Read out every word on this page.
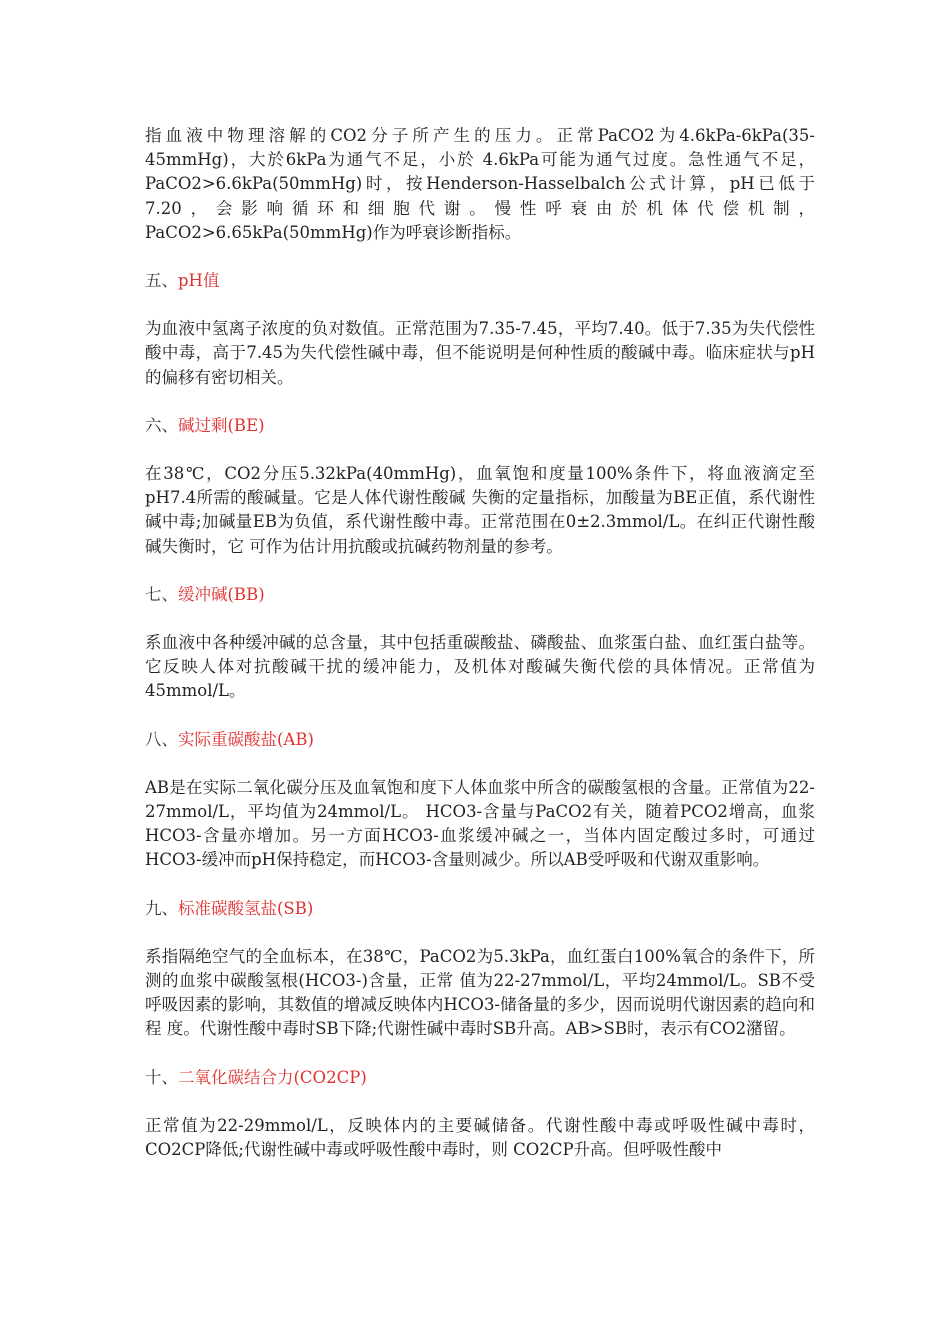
指血液中物理溶解的CO2分子所产生的压力。正常PaCO2为4.6kPa-6kPa(35-45mmHg)，大於6kPa为通气不足，小於 4.6kPa可能为通气过度。急性通气不足，PaCO2>6.6kPa(50mmHg)时，按Henderson-Hasselbalch公式计算，pH已低于7.20，会影响循环和细胞代谢。慢性呼衰由於机体代偿机制，PaCO2>6.65kPa(50mmHg)作为呼衰诊断指标。

五、pH值

为血液中氢离子浓度的负对数值。正常范围为7.35-7.45，平均7.40。低于7.35为失代偿性酸中毒，高于7.45为失代偿性碱中毒，但不能说明是何种性质的酸碱中毒。临床症状与pH的偏移有密切相关。

六、碱过剩(BE)

在38℃，CO2分压5.32kPa(40mmHg)，血氧饱和度量100%条件下，将血液滴定至pH7.4所需的酸碱量。它是人体代谢性酸碱 失衡的定量指标，加酸量为BE正值，系代谢性碱中毒;加碱量EB为负值，系代谢性酸中毒。正常范围在0±2.3mmol/L。在纠正代谢性酸碱失衡时，它 可作为估计用抗酸或抗碱药物剂量的参考。

七、缓冲碱(BB)

系血液中各种缓冲碱的总含量，其中包括重碳酸盐、磷酸盐、血浆蛋白盐、血红蛋白盐等。它反映人体对抗酸碱干扰的缓冲能力，及机体对酸碱失衡代偿的具体情况。正常值为45mmol/L。

八、实际重碳酸盐(AB)

AB是在实际二氧化碳分压及血氧饱和度下人体血浆中所含的碳酸氢根的含量。正常值为22-27mmol/L，平均值为24mmol/L。 HCO3-含量与PaCO2有关，随着PCO2增高，血浆HCO3-含量亦增加。另一方面HCO3-血浆缓冲碱之一，当体内固定酸过多时，可通过 HCO3-缓冲而pH保持稳定，而HCO3-含量则减少。所以AB受呼吸和代谢双重影响。

九、标准碳酸氢盐(SB)

系指隔绝空气的全血标本，在38℃，PaCO2为5.3kPa，血红蛋白100%氧合的条件下，所测的血浆中碳酸氢根(HCO3-)含量，正常 值为22-27mmol/L，平均24mmol/L。SB不受呼吸因素的影响，其数值的增减反映体内HCO3-储备量的多少，因而说明代谢因素的趋向和程 度。代谢性酸中毒时SB下降;代谢性碱中毒时SB升高。AB>SB时，表示有CO2潴留。

十、二氧化碳结合力(CO2CP)

正常值为22-29mmol/L，反映体内的主要碱储备。代谢性酸中毒或呼吸性碱中毒时，CO2CP降低;代谢性碱中毒或呼吸性酸中毒时，则 CO2CP升高。但呼吸性酸中
